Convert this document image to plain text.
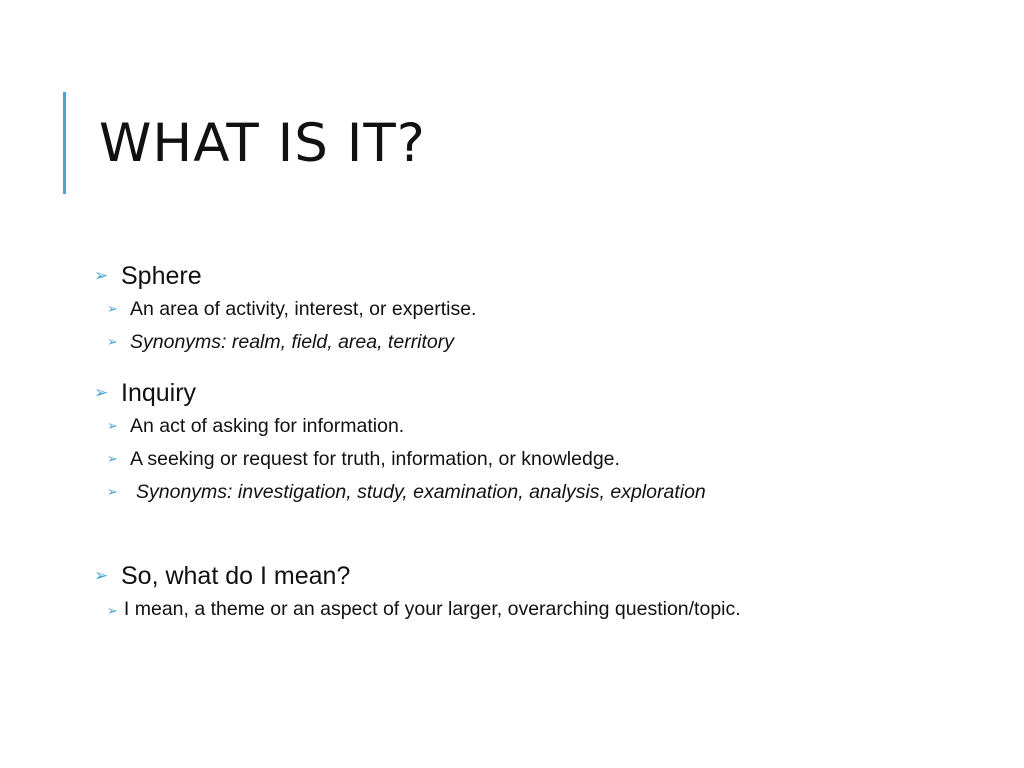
WHAT IS IT?
➢ Sphere
➢ An area of activity, interest, or expertise.
➢ Synonyms: realm, field, area, territory
➢ Inquiry
➢ An act of asking for information.
➢ A seeking or request for truth, information, or knowledge.
➢ Synonyms: investigation, study, examination, analysis, exploration
➢ So, what do I mean?
➢ I mean, a theme or an aspect of your larger, overarching question/topic.
